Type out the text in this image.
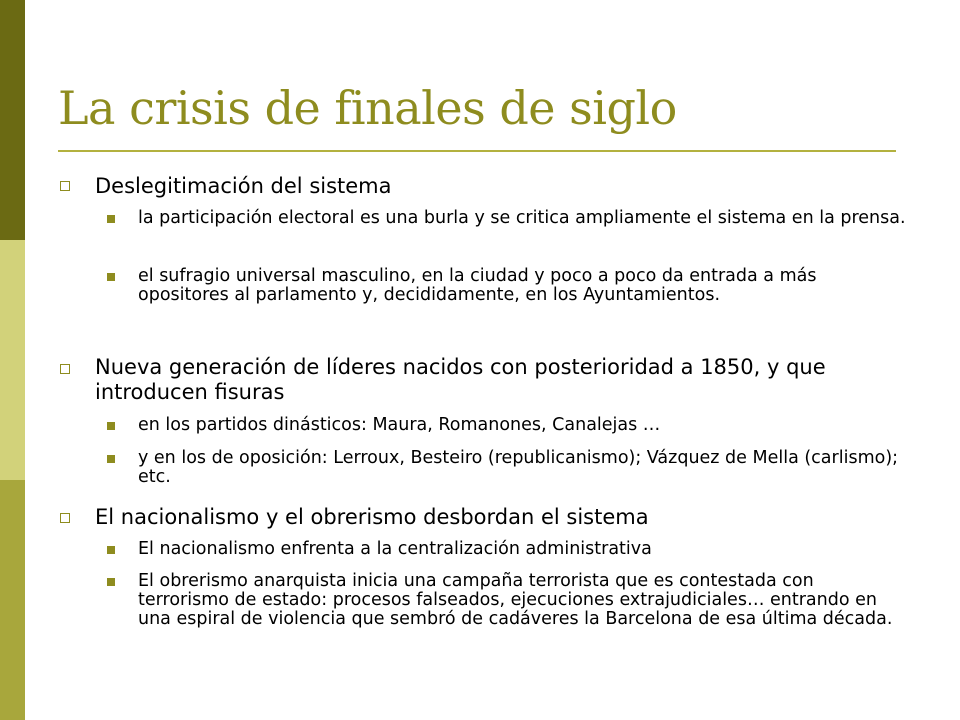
La crisis de finales de siglo
Deslegitimación del sistema
la participación electoral es una burla y se critica ampliamente el sistema en la prensa.
el sufragio universal masculino, en la ciudad y poco a poco da entrada a más opositores al parlamento y, decididamente, en los Ayuntamientos.
Nueva generación de líderes nacidos con posterioridad a 1850, y que introducen fisuras
en los partidos dinásticos: Maura, Romanones, Canalejas …
y en los de oposición: Lerroux, Besteiro (republicanismo); Vázquez de Mella (carlismo); etc.
El nacionalismo y el obrerismo desbordan el sistema
El nacionalismo enfrenta a la centralización administrativa
El obrerismo anarquista inicia una campaña terrorista que es contestada con terrorismo de estado: procesos falseados, ejecuciones extrajudiciales… entrando en una espiral de violencia que sembró de cadáveres la Barcelona de esa última década.
